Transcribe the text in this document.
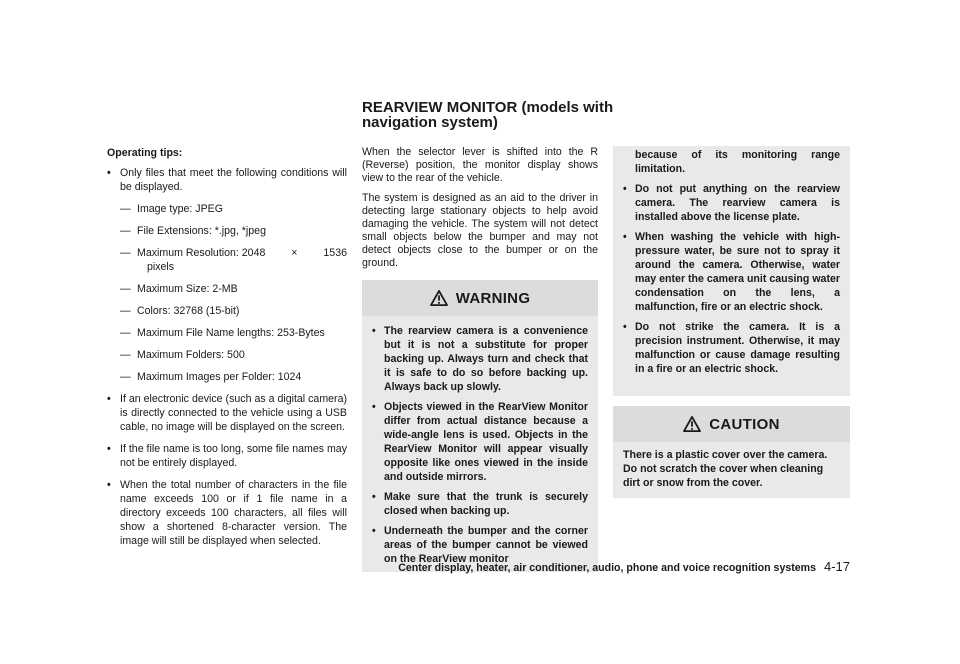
REARVIEW MONITOR (models with navigation system)

Operating tips:

• Only files that meet the following conditions will be displayed.

— Image type: JPEG

— File Extensions: *.jpg, *jpeg

— Maximum Resolution: 2048 × 1536
pixels

— Maximum Size: 2-MB

— Colors: 32768 (15-bit)

— Maximum File Name lengths: 253-Bytes

— Maximum Folders: 500

— Maximum Images per Folder: 1024

• If an electronic device (such as a digital camera) is directly connected to the vehicle using a USB cable, no image will be displayed on the screen.

• If the file name is too long, some file names may not be entirely displayed.

• When the total number of characters in the file name exceeds 100 or if 1 file name in a directory exceeds 100 characters, all files will show a shortened 8-character version. The image will still be displayed when selected.

When the selector lever is shifted into the R (Reverse) position, the monitor display shows view to the rear of the vehicle.

The system is designed as an aid to the driver in detecting large stationary objects to help avoid damaging the vehicle. The system will not detect small objects below the bumper and may not detect objects close to the bumper or on the ground.

WARNING

• The rearview camera is a convenience but it is not a substitute for proper backing up. Always turn and check that it is safe to do so before backing up. Always back up slowly.

• Objects viewed in the RearView Monitor differ from actual distance because a wide-angle lens is used. Objects in the RearView Monitor will appear visually opposite like ones viewed in the inside and outside mirrors.

• Make sure that the trunk is securely closed when backing up.

• Underneath the bumper and the corner areas of the bumper cannot be viewed on the RearView monitor

because of its monitoring range limitation.

• Do not put anything on the rearview camera. The rearview camera is installed above the license plate.

• When washing the vehicle with high-pressure water, be sure not to spray it around the camera. Otherwise, water may enter the camera unit causing water condensation on the lens, a malfunction, fire or an electric shock.

• Do not strike the camera. It is a precision instrument. Otherwise, it may malfunction or cause damage resulting in a fire or an electric shock.

CAUTION
There is a plastic cover over the camera. Do not scratch the cover when cleaning dirt or snow from the cover.
Center display, heater, air conditioner, audio, phone and voice recognition systems 4-17
